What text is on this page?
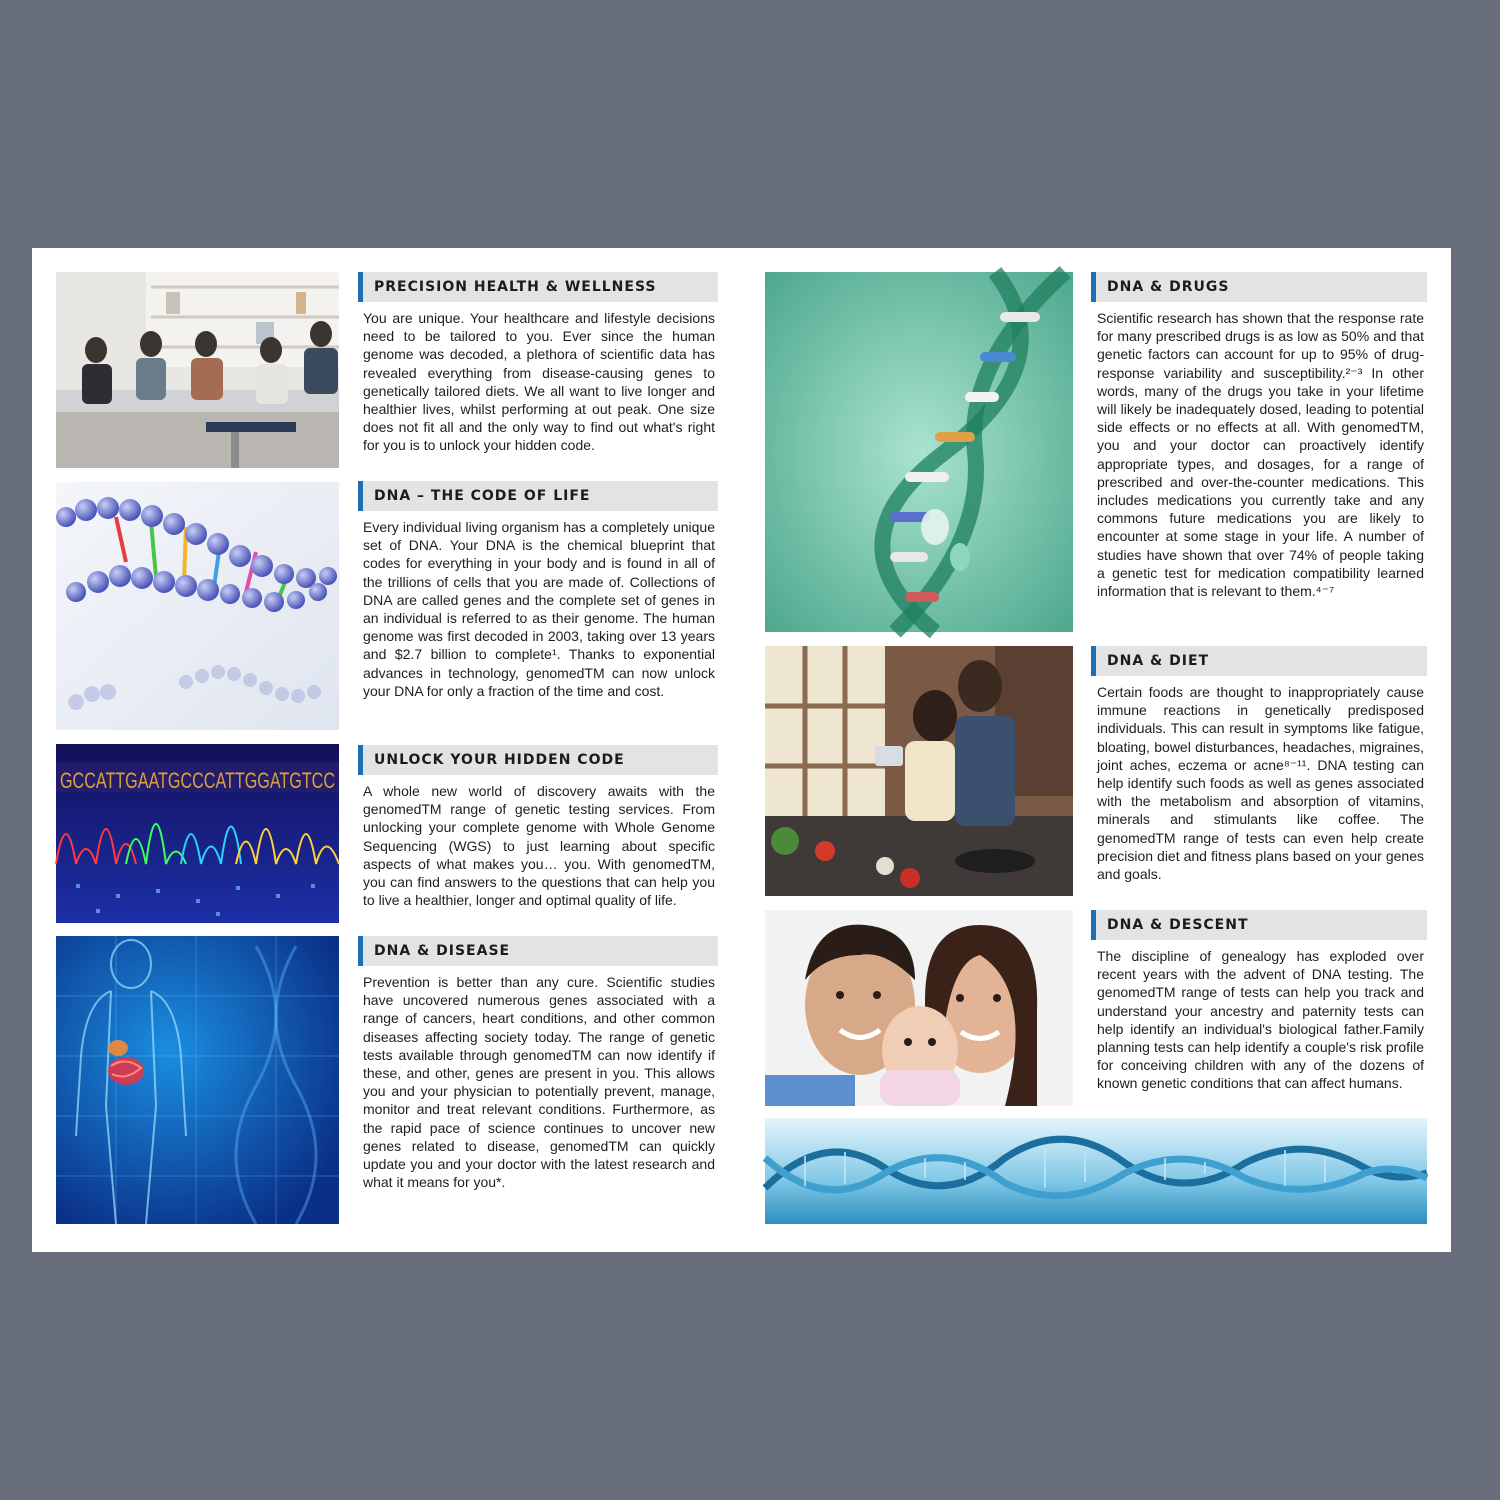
GCCATTGAATGCCCATTGGATGTCC
PRECISION HEALTH & WELLNESS

You are unique. Your healthcare and lifestyle decisions need to be tailored to you. Ever since the human genome was decoded, a plethora of scientific data has revealed everything from disease-causing genes to genetically tailored diets. We all want to live longer and healthier lives, whilst performing at out peak. One size does not fit all and the only way to find out what's right for you is to unlock your hidden code.

DNA – THE CODE OF LIFE

Every individual living organism has a completely unique set of DNA. Your DNA is the chemical blueprint that codes for everything in your body and is found in all of the trillions of cells that you are made of. Collections of DNA are called genes and the complete set of genes in an individual is referred to as their genome. The human genome was first decoded in 2003, taking over 13 years and $2.7 billion to complete¹. Thanks to exponential advances in technology, genomedTM can now unlock your DNA for only a fraction of the time and cost.

UNLOCK YOUR HIDDEN CODE

A whole new world of discovery awaits with the genomedTM range of genetic testing services. From unlocking your complete genome with Whole Genome Sequencing (WGS) to just learning about specific aspects of what makes you… you. With genomedTM, you can find answers to the questions that can help you to live a healthier, longer and optimal quality of life.

DNA & DISEASE

Prevention is better than any cure. Scientific studies have uncovered numerous genes associated with a range of cancers, heart conditions, and other common diseases affecting society today. The range of genetic tests available through genomedTM can now identify if these, and other, genes are present in you. This allows you and your physician to potentially prevent, manage, monitor and treat relevant conditions. Furthermore, as the rapid pace of science continues to uncover new genes related to disease, genomedTM can quickly update you and your doctor with the latest research and what it means for you*.

DNA & DRUGS

Scientific research has shown that the response rate for many prescribed drugs is as low as 50% and that genetic factors can account for up to 95% of drug-response variability and susceptibility.²⁻³ In other words, many of the drugs you take in your lifetime will likely be inadequately dosed, leading to potential side effects or no effects at all. With genomedTM, you and your doctor can proactively identify appropriate types, and dosages, for a range of prescribed and over-the-counter medications. This includes medications you currently take and any commons future medications you are likely to encounter at some stage in your life. A number of studies have shown that over 74% of people taking a genetic test for medication compatibility learned information that is relevant to them.⁴⁻⁷

DNA & DIET

Certain foods are thought to inappropriately cause immune reactions in genetically predisposed individuals. This can result in symptoms like fatigue, bloating, bowel disturbances, headaches, migraines, joint aches, eczema or acne⁸⁻¹¹. DNA testing can help identify such foods as well as genes associated with the metabolism and absorption of vitamins, minerals and stimulants like coffee. The genomedTM range of tests can even help create precision diet and fitness plans based on your genes and goals.

DNA & DESCENT

The discipline of genealogy has exploded over recent years with the advent of DNA testing. The genomedTM range of tests can help you track and understand your ancestry and paternity tests can help identify an individual's biological father.Family planning tests can help identify a couple's risk profile for conceiving children with any of the dozens of known genetic conditions that can affect humans.
